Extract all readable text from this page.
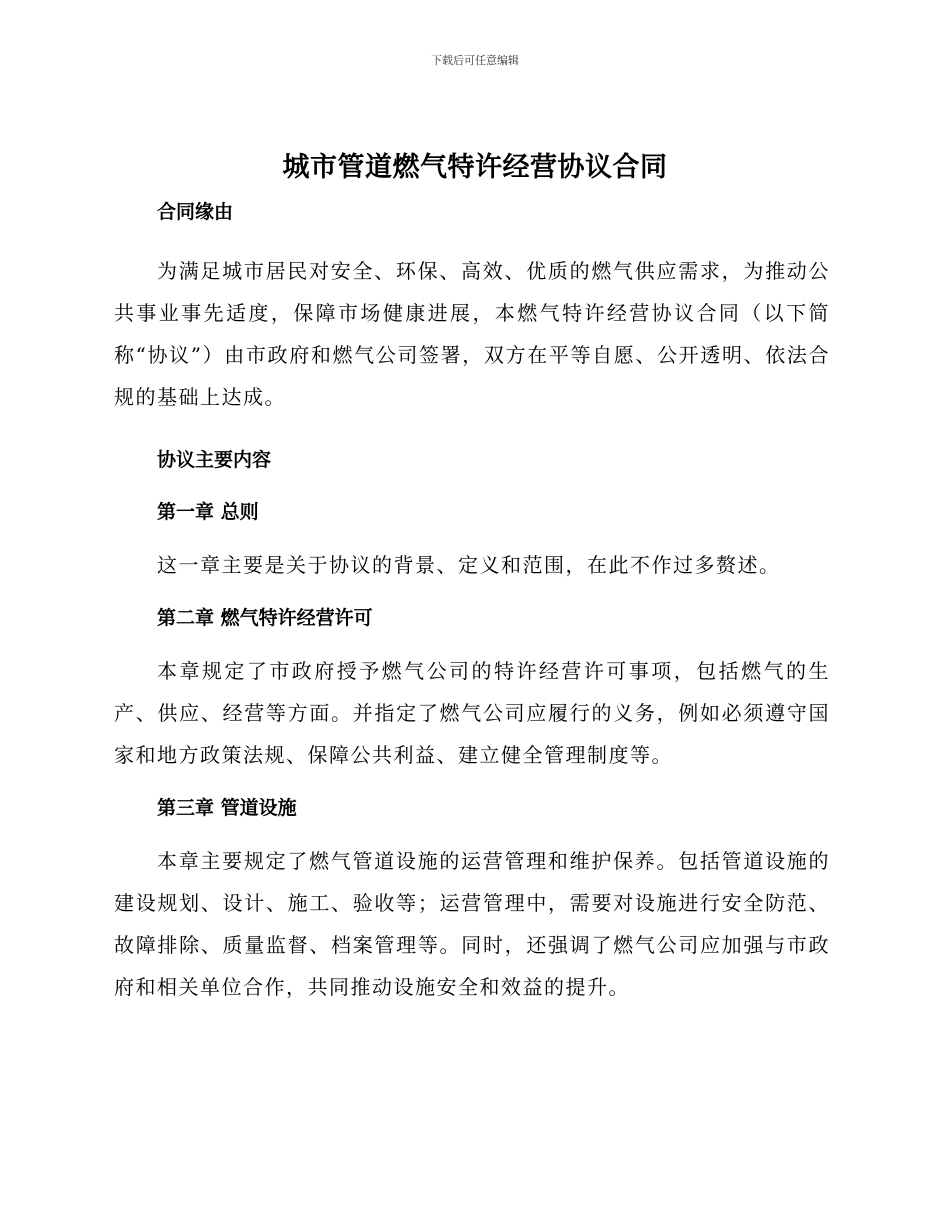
下载后可任意编辑
城市管道燃气特许经营协议合同
合同缘由

为满足城市居民对安全、环保、高效、优质的燃气供应需求，为推动公共事业事先适度，保障市场健康进展，本燃气特许经营协议合同（以下简称“协议”）由市政府和燃气公司签署，双方在平等自愿、公开透明、依法合规的基础上达成。

协议主要内容
第一章 总则

这一章主要是关于协议的背景、定义和范围，在此不作过多赘述。

第二章 燃气特许经营许可

本章规定了市政府授予燃气公司的特许经营许可事项，包括燃气的生产、供应、经营等方面。并指定了燃气公司应履行的义务，例如必须遵守国家和地方政策法规、保障公共利益、建立健全管理制度等。

第三章 管道设施

本章主要规定了燃气管道设施的运营管理和维护保养。包括管道设施的建设规划、设计、施工、验收等；运营管理中，需要对设施进行安全防范、故障排除、质量监督、档案管理等。同时，还强调了燃气公司应加强与市政府和相关单位合作，共同推动设施安全和效益的提升。
